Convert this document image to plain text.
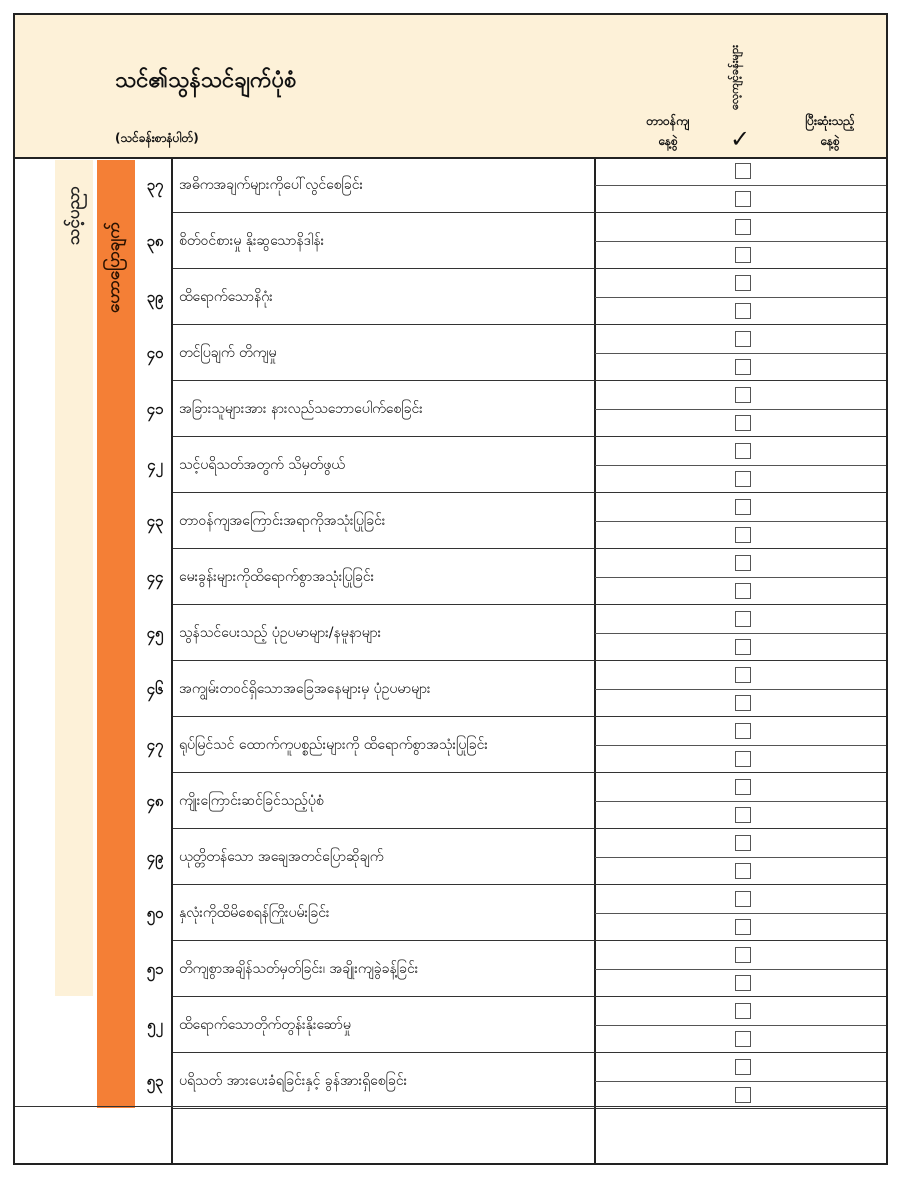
သင်၏သွန်သင်ချက်ပုံစံ
(သင်ခန်းစာနံပါတ်)
တာဝန်ကျ
နေ့စွဲ
လေ့ကျင့်ခန်းများ
✓
ပြီးဆုံးသည့်
နေ့စွဲ
သင့်ပညာ
ဟောပြောချက်
၃၇	အဓိကအချက်များကိုပေါ်လွင်စေခြင်း
၃၈	စိတ်ဝင်စားမှု နိုးဆွသောနိဒါန်း
၃၉	ထိရောက်သောနိဂုံး
၄၀	တင်ပြချက် တိကျမှု
၄၁	အခြားသူများအား နားလည်သဘောပေါက်စေခြင်း
၄၂	သင့်ပရိသတ်အတွက် သိမှတ်ဖွယ်
၄၃	တာဝန်ကျအကြောင်းအရာကိုအသုံးပြုခြင်း
၄၄	မေးခွန်းများကိုထိရောက်စွာအသုံးပြုခြင်း
၄၅	သွန်သင်ပေးသည့် ပုံဥပမာများ/နမူနာများ
၄၆	အကျွမ်းတဝင်ရှိသောအခြေအနေများမှ ပုံဥပမာများ
၄၇	ရုပ်မြင်သင် ထောက်ကူပစ္စည်းများကို ထိရောက်စွာအသုံးပြုခြင်း
၄၈	ကျိုးကြောင်းဆင်ခြင်သည့်ပုံစံ
၄၉	ယုတ္တိတန်သော အချေအတင်ပြောဆိုချက်
၅၀	နှလုံးကိုထိမိစေရန်ကြိုးပမ်းခြင်း
၅၁	တိကျစွာအချိန်သတ်မှတ်ခြင်း၊ အချိုးကျခွဲခန့်ခြင်း
၅၂	ထိရောက်သောတိုက်တွန်းနိုးဆော်မှု
၅၃	ပရိသတ် အားပေးခံရခြင်းနှင့် ခွန်အားရှိစေခြင်း
